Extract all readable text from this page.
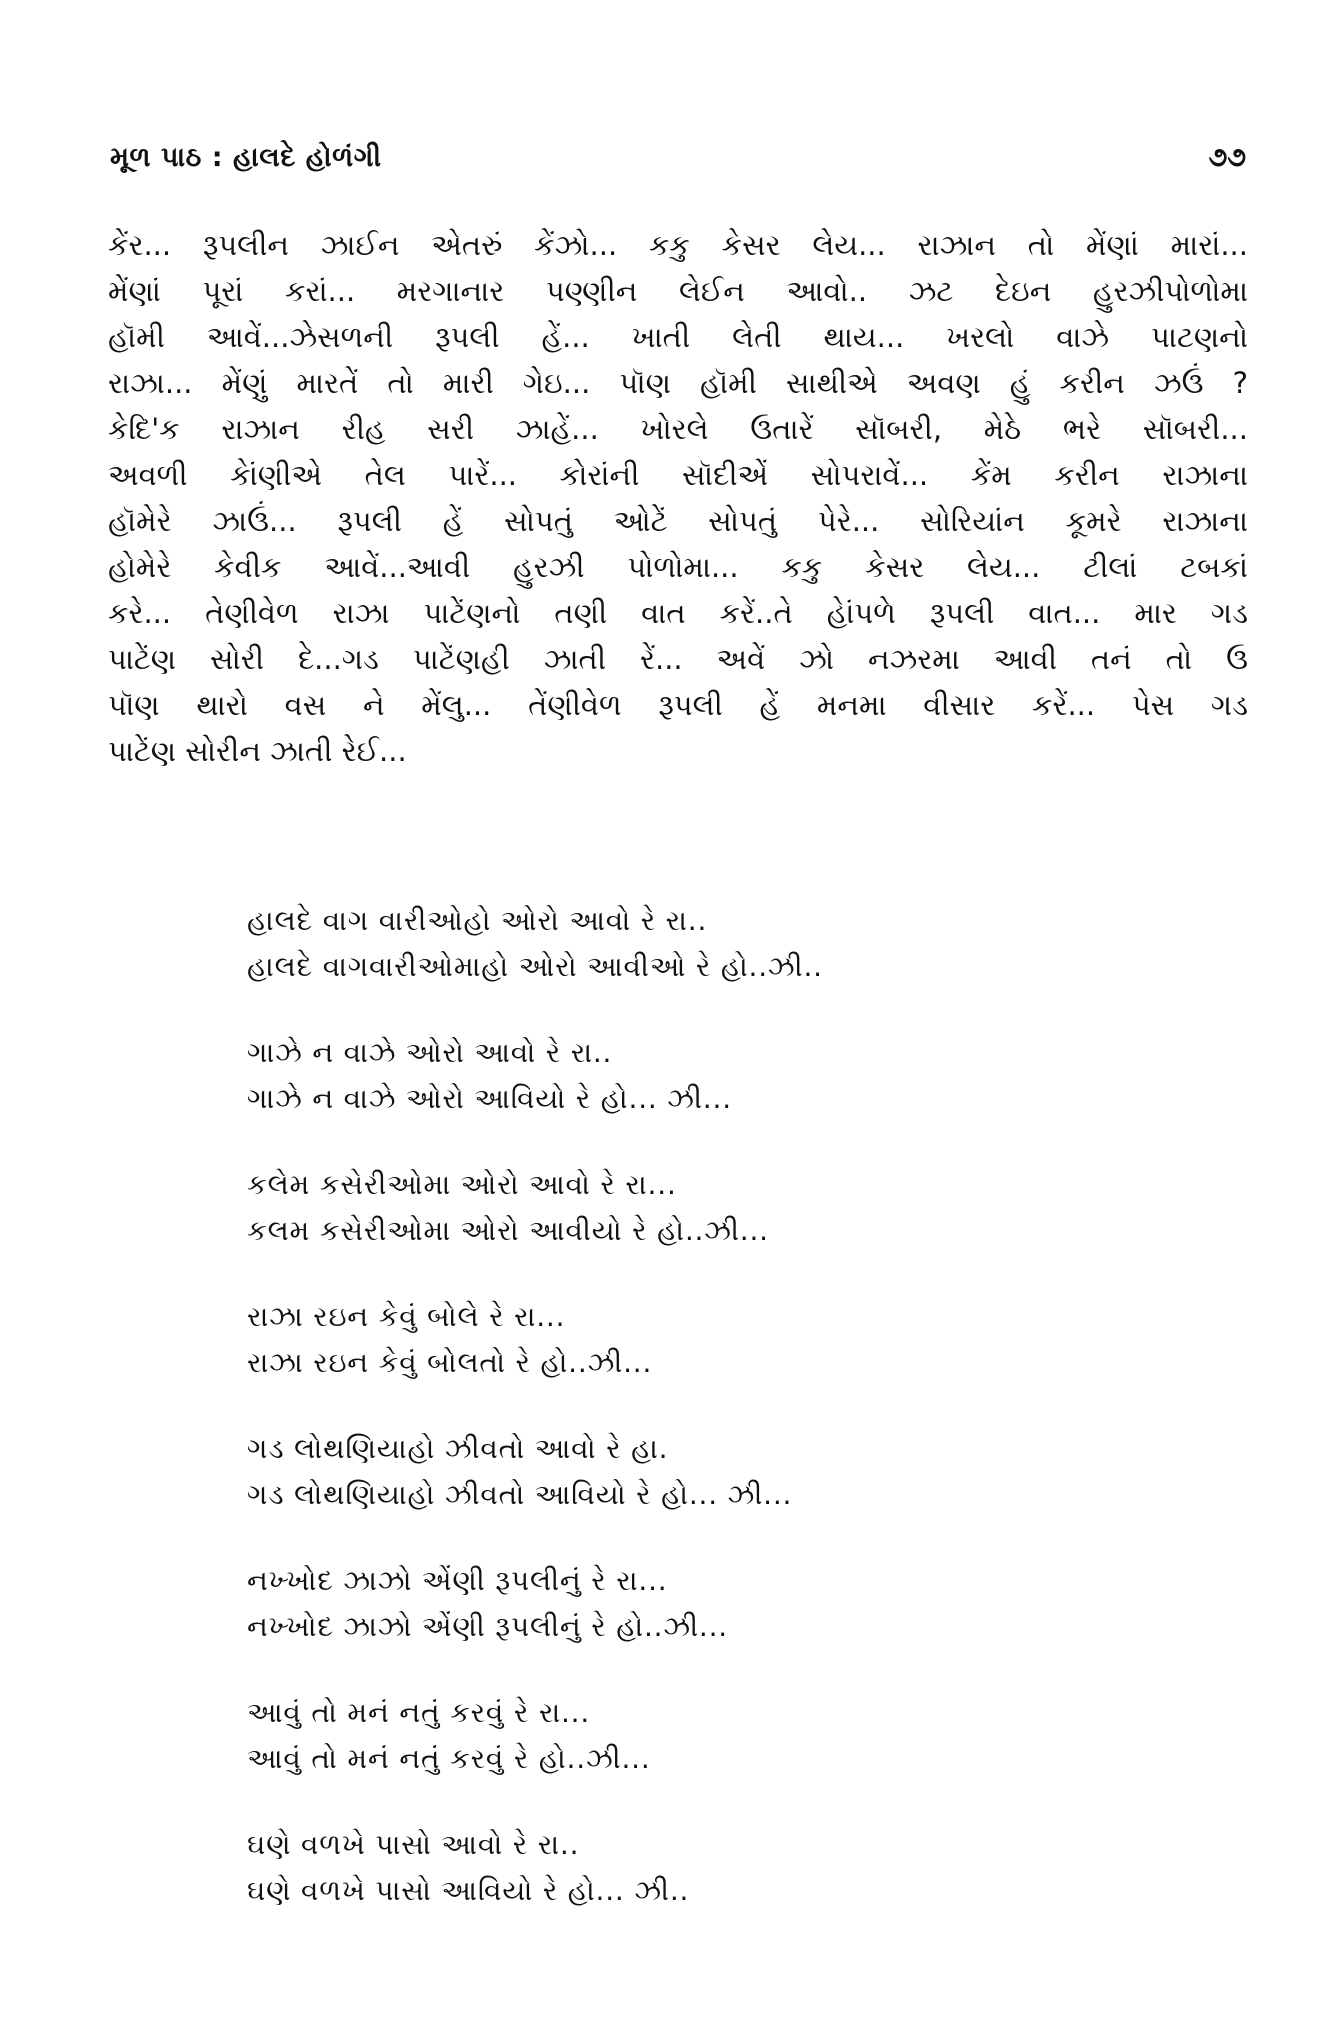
મૂળ પાઠ : હાલદે હોળંગી	૭૭
કેંર... રૂપલીન ઝાઈન એતરું કેંઝો... કકુ કેસર લેય... રાઝાન તો મેંણાં મારાં...
મેંણાં પૂરાં કરાં... મરગાનાર પણ્ણીન લેઈન આવો.. ઝટ દેઇન હુરઝીપોળોમા
હૉમી આવેં...ઝેસળની રૂપલી હેં... ખાતી લેતી થાય... ખરલો વાઝે પાટણનો
રાઝા... મેંણું મારતેં તો મારી ગેઇ... પૉણ હૉમી સાથીએ અવણ હું કરીન ઝઉં ?
કેદિ'ક રાઝાન રીહ સરી ઝાહેં... ખોરલે ઉતારેં સૉબરી, મેઠે ભરે સૉબરી...
અવળી કેાંણીએ તેલ પારેં... કોરાંની સૉદીએં સોપરાવેં... કેંમ કરીન રાઝાના
હૉમેરે ઝાઉં... રૂપલી હેં સોપતું ઓટેં સોપતું પેરે... સોરિયાંન કૂમરે રાઝાના
હોમેરે કેવીક આવેં...આવી હુરઝી પોળોમા... કકુ કેસર લેય... ટીલાં ટબકાં
કરે... તેણીવેળ રાઝા પાટેંણનો તણી વાત કરેં..તે હેાંપળે રૂપલી વાત... માર ગડ
પાટેંણ સોરી દે...ગડ પાટેંણહી ઝાતી રેં... અવેં ઝો નઝરમા આવી તનં તો ઉ
પૉણ થારો વસ ને મેંલુ... તેંણીવેળ રૂપલી હેં મનમા વીસાર કરેં... પેસ ગડ
પાટેંણ સોરીન ઝાતી રેઈ...
હાલદે વાગ વારીઓહો ઓરો આવો રે રા..
હાલદે વાગવારીઓમાહો ઓરો આવીઓ રે હો..ઝી..
ગાઝે ન વાઝે ઓરો આવો રે રા..
ગાઝે ન વાઝે ઓરો આવિયો રે હો... ઝી...
કલેમ કસેરીઓમા ઓરો આવો રે રા...
કલમ કસેરીઓમા ઓરો આવીયો રે હો..ઝી...
રાઝા રઇન કેવું બોલે રે રા...
રાઝા રઇન કેવું બોલતો રે હો..ઝી...
ગડ લોથણિયાહો ઝીવતો આવો રે હા.
ગડ લોથણિયાહો ઝીવતો આવિયો રે હો... ઝી...
નખ્ખોદ ઝાઝો એંણી રૂપલીનું રે રા...
નખ્ખોદ ઝાઝો એંણી રૂપલીનું રે હો..ઝી...
આવું તો મનં નતું કરવું રે રા...
આવું તો મનં નતું કરવું રે હો..ઝી...
ઘણે વળખે પાસો આવો રે રા..
ઘણે વળખે પાસો આવિયો રે હો... ઝી..
